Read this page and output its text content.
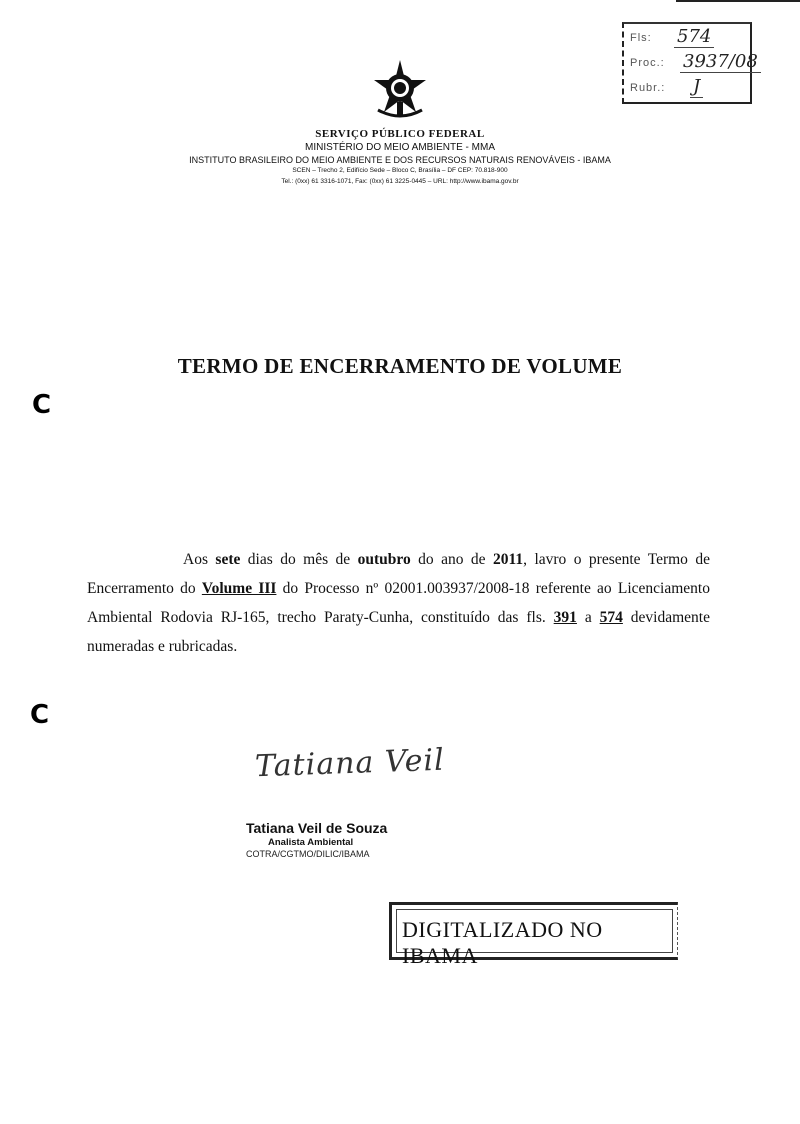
Fls: 574
Proc.: 3937/08
Rubr.: J
SERVIÇO PÚBLICO FEDERAL
MINISTÉRIO DO MEIO AMBIENTE - MMA
INSTITUTO BRASILEIRO DO MEIO AMBIENTE E DOS RECURSOS NATURAIS RENOVÁVEIS - IBAMA
SCEN – Trecho 2, Edifício Sede – Bloco C, Brasília – DF CEP: 70.818-900
Tel.: (0xx) 61 3316-1071, Fax: (0xx) 61 3225-0445 – URL: http://www.ibama.gov.br
TERMO DE ENCERRAMENTO DE VOLUME
C
C
Aos sete dias do mês de outubro do ano de 2011, lavro o presente Termo de Encerramento do Volume III do Processo nº 02001.003937/2008-18 referente ao Licenciamento Ambiental Rodovia RJ-165, trecho Paraty-Cunha, constituído das fls. 391 a 574 devidamente numeradas e rubricadas.
Tatiana Veil
Tatiana Veil de Souza
Analista Ambiental
COTRA/CGTMO/DILIC/IBAMA
DIGITALIZADO NO IBAMA
